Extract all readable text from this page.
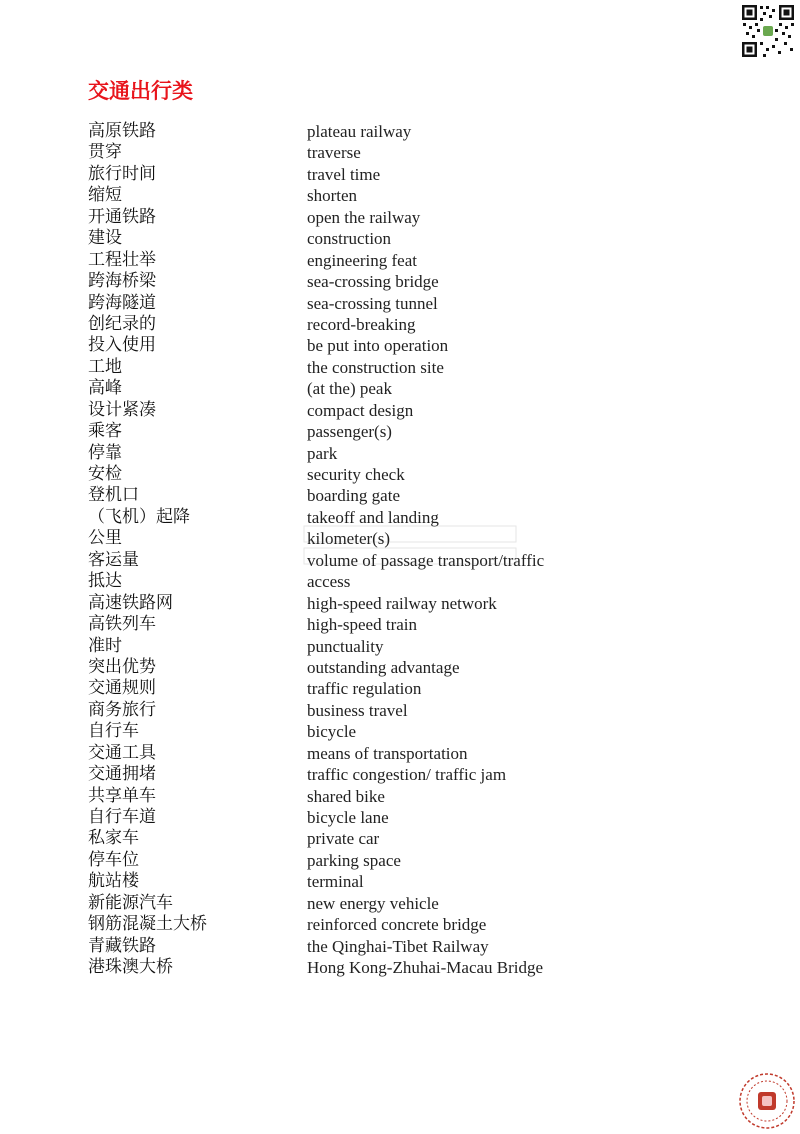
交通出行类
高原铁路	plateau railway
贯穿	traverse
旅行时间	travel time
缩短	shorten
开通铁路	open the railway
建设	construction
工程壮举	engineering feat
跨海桥梁	sea-crossing bridge
跨海隧道	sea-crossing tunnel
创纪录的	record-breaking
投入使用	be put into operation
工地	the construction site
高峰	(at the) peak
设计紧凑	compact design
乘客	passenger(s)
停靠	park
安检	security check
登机口	boarding gate
（飞机）起降	takeoff and landing
公里	kilometer(s)
客运量	volume of passage transport/traffic
抵达	access
高速铁路网	high-speed railway network
高铁列车	high-speed train
准时	punctuality
突出优势	outstanding advantage
交通规则	traffic regulation
商务旅行	business travel
自行车	bicycle
交通工具	means of transportation
交通拥堵	traffic congestion/ traffic jam
共享单车	shared bike
自行车道	bicycle lane
私家车	private car
停车位	parking space
航站楼	terminal
新能源汽车	new energy vehicle
钢筋混凝土大桥	reinforced concrete bridge
青藏铁路	the Qinghai-Tibet Railway
港珠澳大桥	Hong Kong-Zhuhai-Macau Bridge
